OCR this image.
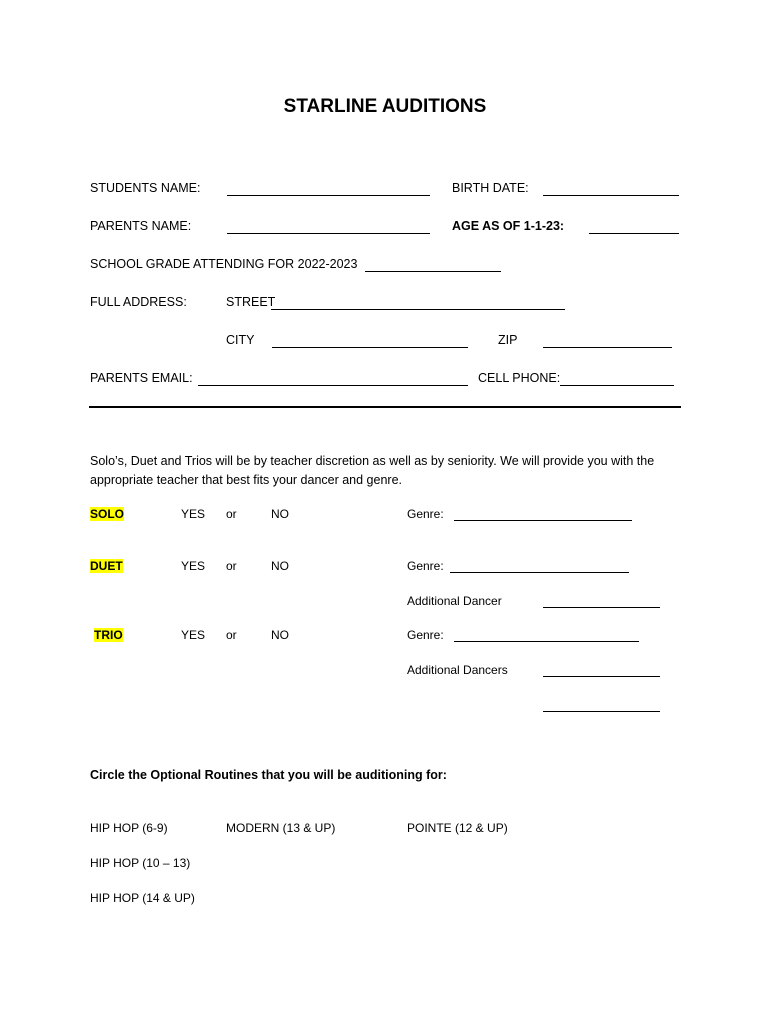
STARLINE AUDITIONS
STUDENTS NAME:	BIRTH DATE:
PARENTS NAME:	AGE AS OF 1-1-23:
SCHOOL GRADE ATTENDING FOR 2022-2023
FULL ADDRESS:	STREET
CITY	ZIP
PARENTS EMAIL:	CELL PHONE:
Solo’s, Duet and Trios will be by teacher discretion as well as by seniority. We will provide you with the appropriate teacher that best fits your dancer and genre.
SOLO	YES or	NO	Genre:
DUET	YES or	NO	Genre:
Additional Dancer
TRIO	YES or	NO	Genre:
Additional Dancers
Circle the Optional Routines that you will be auditioning for:
HIP HOP (6-9)	MODERN (13 & UP)	POINTE (12 & UP)
HIP HOP (10 – 13)
HIP HOP (14 & UP)
